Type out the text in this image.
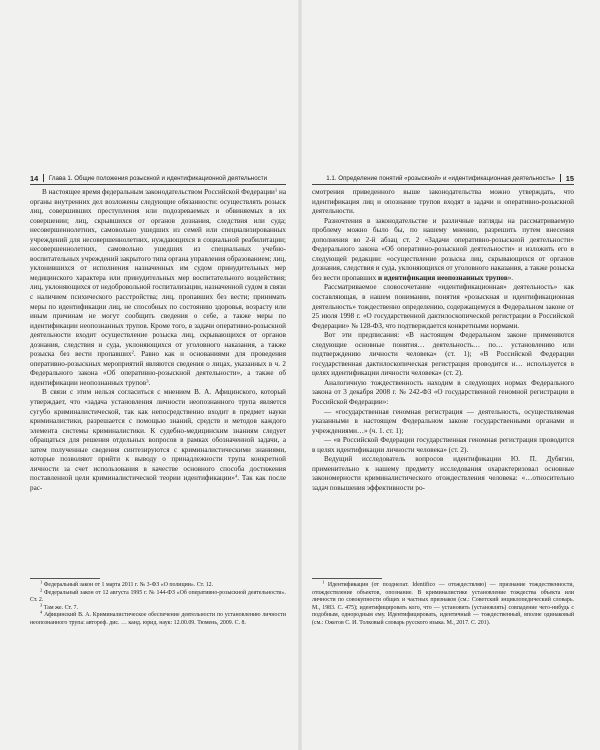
14 Глава 1. Общие положения розыскной и идентификационной деятельности

В настоящее время федеральным законодательством Российской Федерации$^1$ на органы внутренних дел возложены следующие обязанности: осуществлять розыск лиц, совершивших преступления или подозреваемых и обвиняемых в их совершении; лиц, скрывшихся от органов дознания, следствия или суда; несовершеннолетних, самовольно ушедших из семей или специализированных учреждений для несовершеннолетних, нуждающихся в социальной реабилитации; несовершеннолетних, самовольно ушедших из специальных учебно-воспитательных учреждений закрытого типа органа управления образованием; лиц, уклонившихся от исполнения назначенных им судом принудительных мер медицинского характера или принудительных мер воспитательного воздействия; лиц, уклоняющихся от недобровольной госпитализации, назначенной судом в связи с наличием психического расстройства; лиц, пропавших без вести; принимать меры по идентификации лиц, не способных по состоянию здоровья, возрасту или иным причинам не могут сообщить сведения о себе, а также меры по идентификации неопознанных трупов. Кроме того, в задачи оперативно-розыскной деятельности входит осуществление розыска лиц, скрывающихся от органов дознания, следствия и суда, уклоняющихся от уголовного наказания, а также розыска без вести пропавших$^2$. Равно как и основаниями для проведения оперативно-розыскных мероприятий являются сведения о лицах, указанных в ч. 2 Федерального закона «Об оперативно-розыскной деятельности», а также об идентификации неопознанных трупов$^3$.

В связи с этим нельзя согласиться с мнением В. А. Афицинского, который утверждает, что «задача установления личности неопознанного трупа является сугубо криминалистической, так как непосредственно входит в предмет науки криминалистики, разрешается с помощью знаний, средств и методов каждого элемента системы криминалистики. К судебно-медицинским знаниям следует обращаться для решения отдельных вопросов в рамках обозначенной задачи, а затем полученные сведения синтезируются с криминалистическими знаниями, которые позволяют прийти к выводу о принадлежности трупа конкретной личности за счет использования в качестве основного способа достижения поставленной цели криминалистической теории идентификации»$^4$. Так как после рас-

$^1$ Федеральный закон от 1 марта 2011 г. № 3-ФЗ «О полиции». Ст. 12.

$^2$ Федеральный закон от 12 августа 1995 г. № 144-ФЗ «Об оперативно-розыскной деятельности». Ст. 2.

$^3$ Там же. Ст. 7.

$^4$ Афицинский В. А. Криминалистическое обеспечение деятельности по установлению личности неопознанного трупа: автореф. дис. … канд. юрид. наук: 12.00.09. Тюмень, 2009. С. 8.

1.1. Определение понятий «розыскной» и «идентификационная деятельность» 15

смотрения приведенного выше законодательства можно утверждать, что идентификация лиц и опознание трупов входят в задачи и оперативно-розыскной деятельности.

Разночтения в законодательстве и различные взгляды на рассматриваемую проблему можно было бы, по нашему мнению, разрешить путем внесения дополнения во 2-й абзац ст. 2 «Задачи оперативно-розыскной деятельности» Федерального закона «Об оперативно-розыскной деятельности» и изложить его в следующей редакции: «осуществление розыска лиц, скрывающихся от органов дознания, следствия и суда, уклоняющихся от уголовного наказания, а также розыска без вести пропавших и идентификация неопознанных трупов».

Рассматриваемое словосочетание «идентификационная» деятельность» как составляющая, в нашем понимании, понятия «розыскная и идентификационная деятельность» тождественно определению, содержащемуся в Федеральном законе от 25 июля 1998 г. «О государственной дактилоскопической регистрации в Российской Федерации» № 128-ФЗ, что подтверждается конкретными нормами.

Вот эти предписания: «В настоящем Федеральном законе применяются следующие основные понятия… деятельность… по… установлению или подтверждению личности человека» (ст. 1); «В Российской Федерации государственная дактилоскопическая регистрация проводится и… используется в целях идентификации личности человека» (ст. 2).

Аналогичную тождественность находим в следующих нормах Федерального закона от 3 декабря 2008 г. № 242-ФЗ «О государственной геномной регистрации в Российской Федерации»:

— «государственная геномная регистрация — деятельность, осуществляемая указанными в настоящем Федеральном законе государственными органами и учреждениями…» (ч. 1. ст. 1);

— «в Российской Федерации государственная геномная регистрация проводится в целях идентификации личности человека» (ст. 2).

Ведущий исследователь вопросов идентификации Ю. П. Дубягин, применительно к нашему предмету исследования охарактеризовал основные закономерности криминалистического отождествления человека: «…относительно задач повышения эффективности ро-

$^1$ Идентификация (от позднелат. Identifico — отождествляю) — признание тождественности, отождествление объектов, опознание. В криминалистике установление тождества объекта или личности по совокупности общих и частных признаков (см.: Советский энциклопедический словарь. М., 1983. С. 475); идентифицировать кого, что — установить (установлять) совпадение чего-нибудь с подобным, однородным ему. Идентифицировать, идентичный — тождественный, вполне одинаковый (см.: Ожегов С. И. Толковый словарь русского языка. М., 2017. С. 201).
